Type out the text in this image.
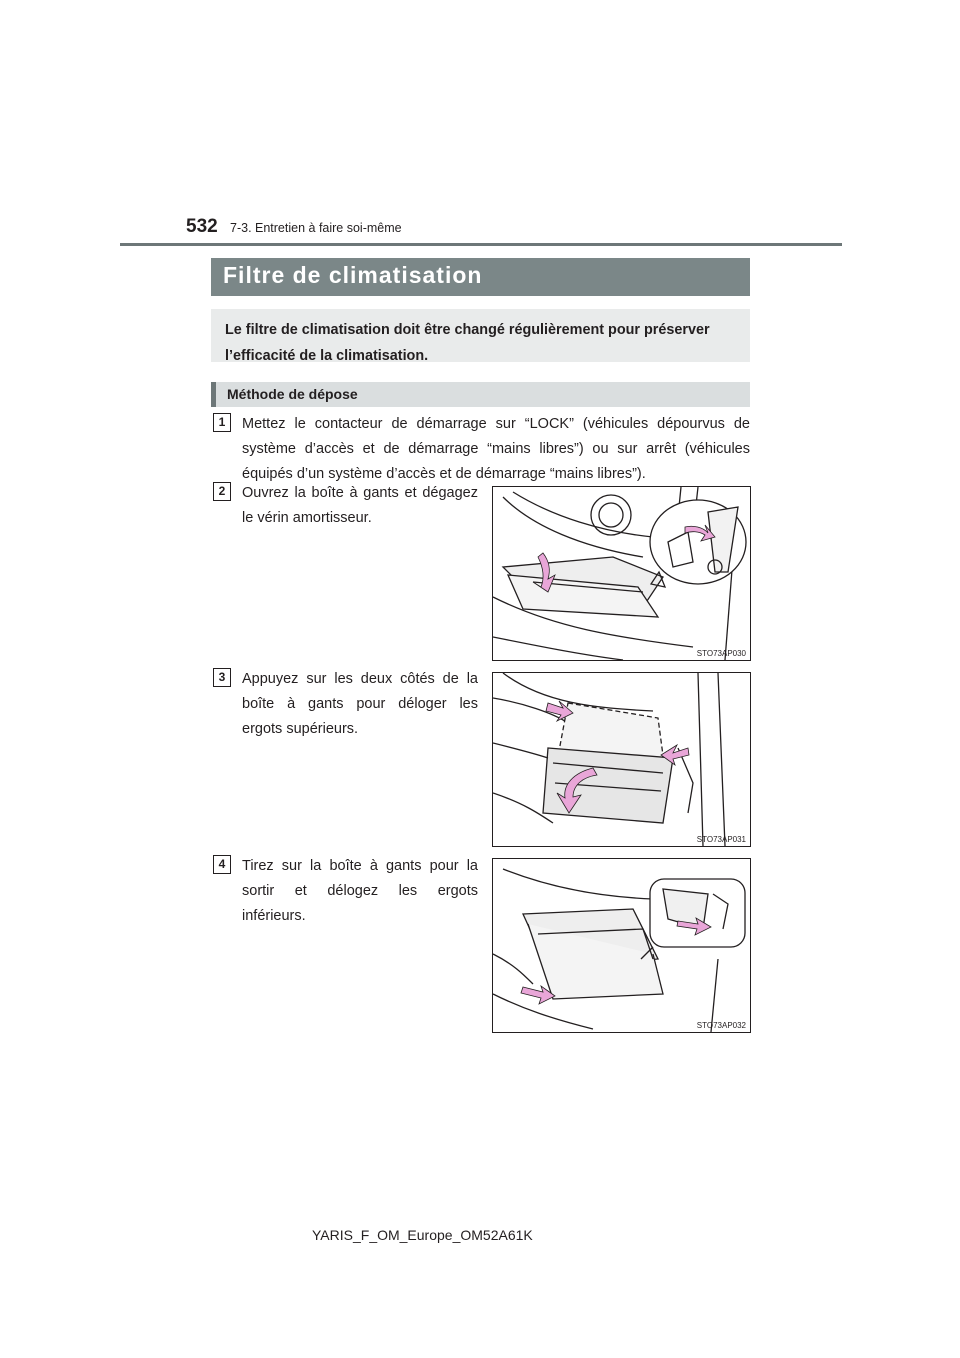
532 7-3. Entretien à faire soi-même
Filtre de climatisation

Le filtre de climatisation doit être changé régulièrement pour préserver l’efficacité de la climatisation.

Méthode de dépose
1	Mettez le contacteur de démarrage sur “LOCK” (véhicules dépourvus de système d’accès et de démarrage “mains libres”) ou sur arrêt (véhicules équipés d’un système d’accès et de démarrage “mains libres”).

2	Ouvrez la boîte à gants et dégagez le vérin amortisseur.

STO73AP030
3	Appuyez sur les deux côtés de la boîte à gants pour déloger les ergots supérieurs.

STO73AP031
4	Tirez sur la boîte à gants pour la sortir et délogez les ergots inférieurs.

STO73AP032
YARIS_F_OM_Europe_OM52A61K
